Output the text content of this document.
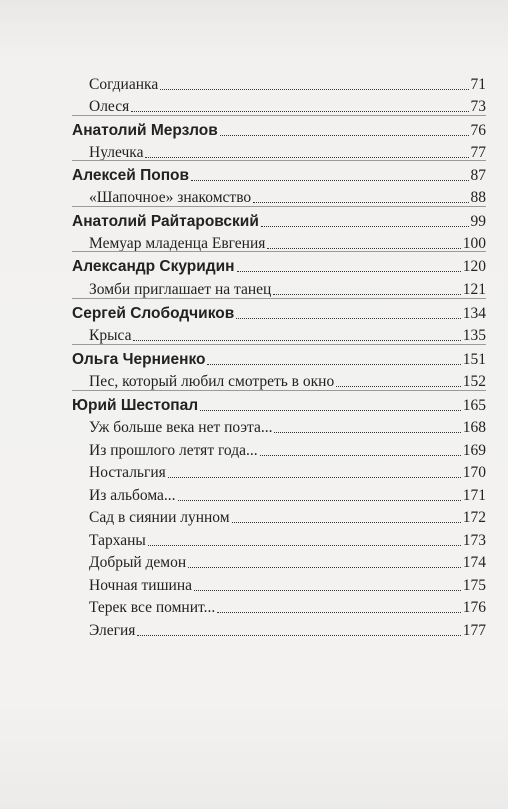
Согдианка	71
Олеся	73
Анатолий Мерзлов	76
Нулечка	77
Алексей Попов	87
«Шапочное» знакомство	88
Анатолий Райтаровский	99
Мемуар младенца Евгения	100
Александр Скуридин	120
Зомби приглашает на танец	121
Сергей Слободчиков	134
Крыса	135
Ольга Черниенко	151
Пес, который любил смотреть в окно	152
Юрий Шестопал	165
Уж больше века нет поэта...	168
Из прошлого летят года...	169
Ностальгия	170
Из альбома...	171
Сад в сиянии лунном	172
Тарханы	173
Добрый демон	174
Ночная тишина	175
Терек все помнит...	176
Элегия	177
